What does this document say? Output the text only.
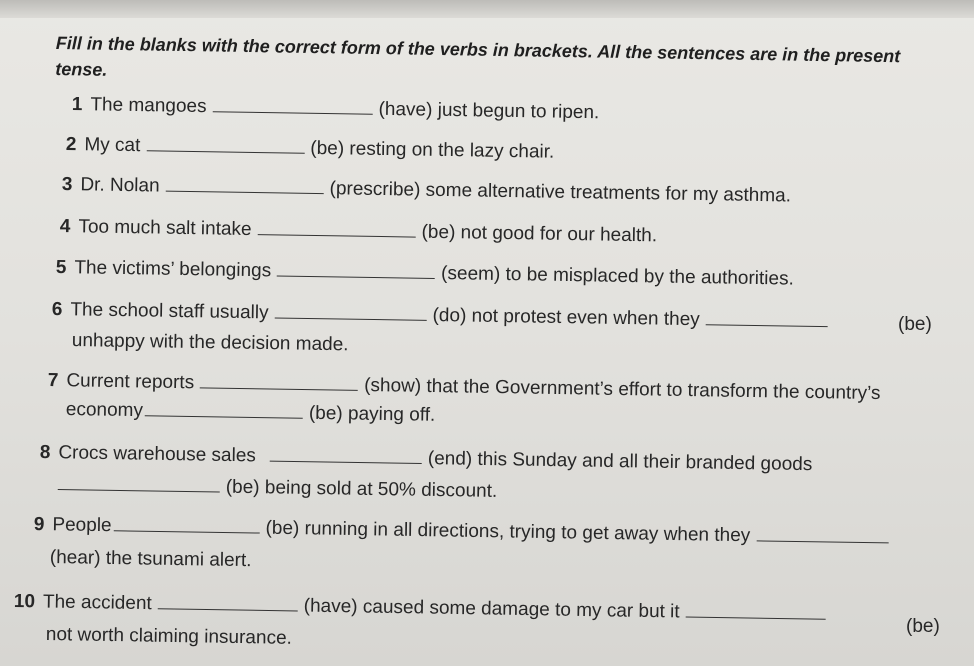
Fill in the blanks with the correct form of the verbs in brackets. All the sentences are in the present tense.
1 The mangoes	(have) just begun to ripen.
2 My cat	(be) resting on the lazy chair.
3 Dr. Nolan	(prescribe) some alternative treatments for my asthma.
4 Too much salt intake	(be) not good for our health.
5 The victims’ belongings	(seem) to be misplaced by the authorities.
6 The school staff usually	(do) not protest even when they	(be)
unhappy with the decision made.
7 Current reports	(show) that the Government’s effort to transform the country’s
economy	(be) paying off.
8 Crocs warehouse sales	(end) this Sunday and all their branded goods
(be) being sold at 50% discount.
9 People	(be) running in all directions, trying to get away when they
(hear) the tsunami alert.
10 The accident	(have) caused some damage to my car but it
(be)
not worth claiming insurance.
